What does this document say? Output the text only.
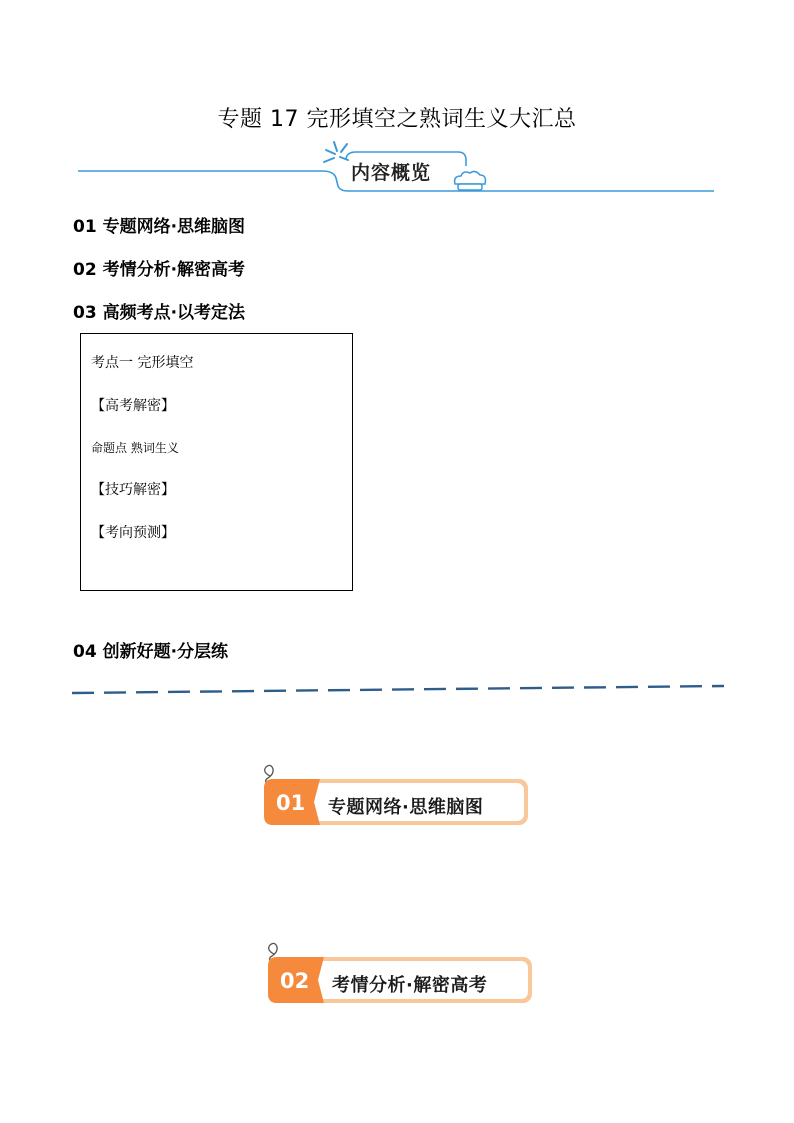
专题 17 完形填空之熟词生义大汇总
内容概览

01 专题网络·思维脑图

02 考情分析·解密高考

03 高频考点·以考定法

考点一 完形填空
【高考解密】
命题点 熟词生义
【技巧解密】
【考向预测】

04 创新好题·分层练

01 专题网络·思维脑图
02 考情分析·解密高考
